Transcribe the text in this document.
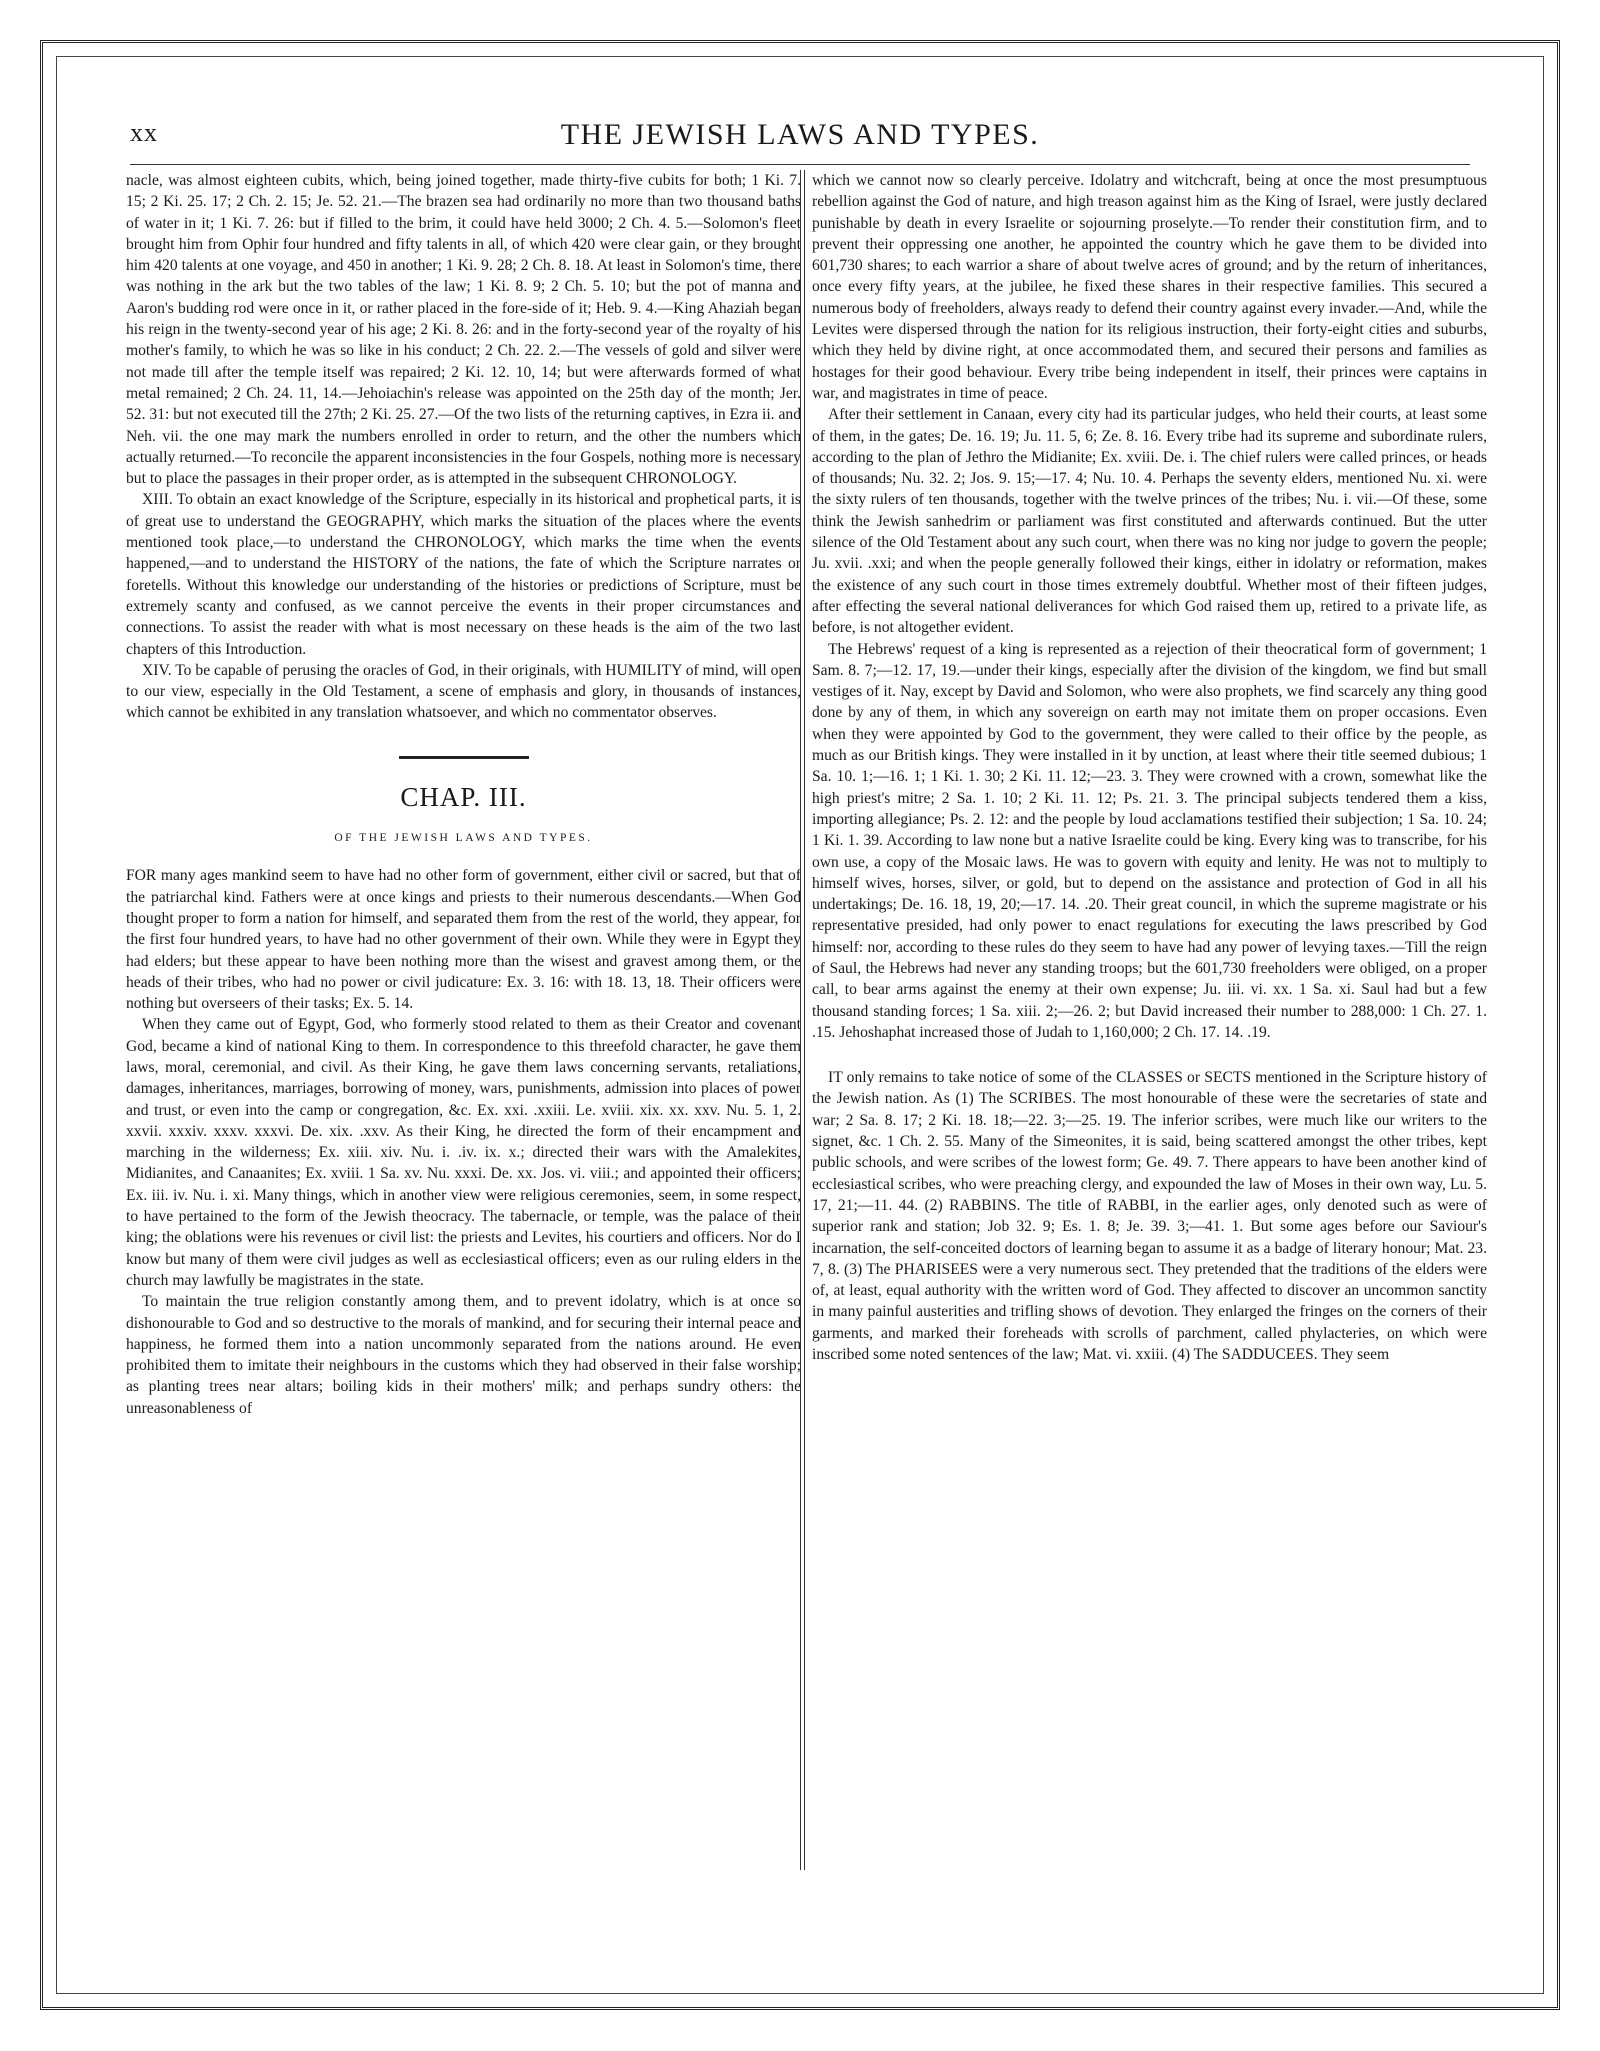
xx	THE JEWISH LAWS AND TYPES.

nacle, was almost eighteen cubits, which, being joined together, made thirty-five cubits for both; 1 Ki. 7. 15; 2 Ki. 25. 17; 2 Ch. 2. 15; Je. 52. 21.—The brazen sea had ordinarily no more than two thousand baths of water in it; 1 Ki. 7. 26: but if filled to the brim, it could have held 3000; 2 Ch. 4. 5.—Solomon's fleet brought him from Ophir four hundred and fifty talents in all, of which 420 were clear gain, or they brought him 420 talents at one voyage, and 450 in another; 1 Ki. 9. 28; 2 Ch. 8. 18. At least in Solomon's time, there was nothing in the ark but the two tables of the law; 1 Ki. 8. 9; 2 Ch. 5. 10; but the pot of manna and Aaron's budding rod were once in it, or rather placed in the fore-side of it; Heb. 9. 4.—King Ahaziah began his reign in the twenty-second year of his age; 2 Ki. 8. 26: and in the forty-second year of the royalty of his mother's family, to which he was so like in his conduct; 2 Ch. 22. 2.—The vessels of gold and silver were not made till after the temple itself was repaired; 2 Ki. 12. 10, 14; but were afterwards formed of what metal remained; 2 Ch. 24. 11, 14.—Jehoiachin's release was appointed on the 25th day of the month; Jer. 52. 31: but not executed till the 27th; 2 Ki. 25. 27.—Of the two lists of the returning captives, in Ezra ii. and Neh. vii. the one may mark the numbers enrolled in order to return, and the other the numbers which actually returned.—To reconcile the apparent inconsistencies in the four Gospels, nothing more is necessary but to place the passages in their proper order, as is attempted in the subsequent CHRONOLOGY.

XIII. To obtain an exact knowledge of the Scripture, especially in its historical and prophetical parts, it is of great use to understand the GEOGRAPHY, which marks the situation of the places where the events mentioned took place,—to understand the CHRONOLOGY, which marks the time when the events happened,—and to understand the HISTORY of the nations, the fate of which the Scripture narrates or foretells. Without this knowledge our understanding of the histories or predictions of Scripture, must be extremely scanty and confused, as we cannot perceive the events in their proper circumstances and connections. To assist the reader with what is most necessary on these heads is the aim of the two last chapters of this Introduction.

XIV. To be capable of perusing the oracles of God, in their originals, with HUMILITY of mind, will open to our view, especially in the Old Testament, a scene of emphasis and glory, in thousands of instances, which cannot be exhibited in any translation whatsoever, and which no commentator observes.

CHAP. III.
OF THE JEWISH LAWS AND TYPES.

FOR many ages mankind seem to have had no other form of government, either civil or sacred, but that of the patriarchal kind. Fathers were at once kings and priests to their numerous descendants.—When God thought proper to form a nation for himself, and separated them from the rest of the world, they appear, for the first four hundred years, to have had no other government of their own. While they were in Egypt they had elders; but these appear to have been nothing more than the wisest and gravest among them, or the heads of their tribes, who had no power or civil judicature: Ex. 3. 16: with 18. 13, 18. Their officers were nothing but overseers of their tasks; Ex. 5. 14.

When they came out of Egypt, God, who formerly stood related to them as their Creator and covenant God, became a kind of national King to them. In correspondence to this threefold character, he gave them laws, moral, ceremonial, and civil. As their King, he gave them laws concerning servants, retaliations, damages, inheritances, marriages, borrowing of money, wars, punishments, admission into places of power and trust, or even into the camp or congregation, &c. Ex. xxi. .xxiii. Le. xviii. xix. xx. xxv. Nu. 5. 1, 2. xxvii. xxxiv. xxxv. xxxvi. De. xix. .xxv. As their King, he directed the form of their encampment and marching in the wilderness; Ex. xiii. xiv. Nu. i. .iv. ix. x.; directed their wars with the Amalekites, Midianites, and Canaanites; Ex. xviii. 1 Sa. xv. Nu. xxxi. De. xx. Jos. vi. viii.; and appointed their officers; Ex. iii. iv. Nu. i. xi. Many things, which in another view were religious ceremonies, seem, in some respect, to have pertained to the form of the Jewish theocracy. The tabernacle, or temple, was the palace of their king; the oblations were his revenues or civil list: the priests and Levites, his courtiers and officers. Nor do I know but many of them were civil judges as well as ecclesiastical officers; even as our ruling elders in the church may lawfully be magistrates in the state.

To maintain the true religion constantly among them, and to prevent idolatry, which is at once so dishonourable to God and so destructive to the morals of mankind, and for securing their internal peace and happiness, he formed them into a nation uncommonly separated from the nations around. He even prohibited them to imitate their neighbours in the customs which they had observed in their false worship; as planting trees near altars; boiling kids in their mothers' milk; and perhaps sundry others: the unreasonableness of

which we cannot now so clearly perceive. Idolatry and witchcraft, being at once the most presumptuous rebellion against the God of nature, and high treason against him as the King of Israel, were justly declared punishable by death in every Israelite or sojourning proselyte.—To render their constitution firm, and to prevent their oppressing one another, he appointed the country which he gave them to be divided into 601,730 shares; to each warrior a share of about twelve acres of ground; and by the return of inheritances, once every fifty years, at the jubilee, he fixed these shares in their respective families. This secured a numerous body of freeholders, always ready to defend their country against every invader.—And, while the Levites were dispersed through the nation for its religious instruction, their forty-eight cities and suburbs, which they held by divine right, at once accommodated them, and secured their persons and families as hostages for their good behaviour. Every tribe being independent in itself, their princes were captains in war, and magistrates in time of peace.

After their settlement in Canaan, every city had its particular judges, who held their courts, at least some of them, in the gates; De. 16. 19; Ju. 11. 5, 6; Ze. 8. 16. Every tribe had its supreme and subordinate rulers, according to the plan of Jethro the Midianite; Ex. xviii. De. i. The chief rulers were called princes, or heads of thousands; Nu. 32. 2; Jos. 9. 15;—17. 4; Nu. 10. 4. Perhaps the seventy elders, mentioned Nu. xi. were the sixty rulers of ten thousands, together with the twelve princes of the tribes; Nu. i. vii.—Of these, some think the Jewish sanhedrim or parliament was first constituted and afterwards continued. But the utter silence of the Old Testament about any such court, when there was no king nor judge to govern the people; Ju. xvii. .xxi; and when the people generally followed their kings, either in idolatry or reformation, makes the existence of any such court in those times extremely doubtful. Whether most of their fifteen judges, after effecting the several national deliverances for which God raised them up, retired to a private life, as before, is not altogether evident.

The Hebrews' request of a king is represented as a rejection of their theocratical form of government; 1 Sam. 8. 7;—12. 17, 19.—under their kings, especially after the division of the kingdom, we find but small vestiges of it. Nay, except by David and Solomon, who were also prophets, we find scarcely any thing good done by any of them, in which any sovereign on earth may not imitate them on proper occasions. Even when they were appointed by God to the government, they were called to their office by the people, as much as our British kings. They were installed in it by unction, at least where their title seemed dubious; 1 Sa. 10. 1;—16. 1; 1 Ki. 1. 30; 2 Ki. 11. 12;—23. 3. They were crowned with a crown, somewhat like the high priest's mitre; 2 Sa. 1. 10; 2 Ki. 11. 12; Ps. 21. 3. The principal subjects tendered them a kiss, importing allegiance; Ps. 2. 12: and the people by loud acclamations testified their subjection; 1 Sa. 10. 24; 1 Ki. 1. 39. According to law none but a native Israelite could be king. Every king was to transcribe, for his own use, a copy of the Mosaic laws. He was to govern with equity and lenity. He was not to multiply to himself wives, horses, silver, or gold, but to depend on the assistance and protection of God in all his undertakings; De. 16. 18, 19, 20;—17. 14. .20. Their great council, in which the supreme magistrate or his representative presided, had only power to enact regulations for executing the laws prescribed by God himself: nor, according to these rules do they seem to have had any power of levying taxes.—Till the reign of Saul, the Hebrews had never any standing troops; but the 601,730 freeholders were obliged, on a proper call, to bear arms against the enemy at their own expense; Ju. iii. vi. xx. 1 Sa. xi. Saul had but a few thousand standing forces; 1 Sa. xiii. 2;—26. 2; but David increased their number to 288,000: 1 Ch. 27. 1. .15. Jehoshaphat increased those of Judah to 1,160,000; 2 Ch. 17. 14. .19.

IT only remains to take notice of some of the CLASSES or SECTS mentioned in the Scripture history of the Jewish nation. As (1) The SCRIBES. The most honourable of these were the secretaries of state and war; 2 Sa. 8. 17; 2 Ki. 18. 18;—22. 3;—25. 19. The inferior scribes, were much like our writers to the signet, &c. 1 Ch. 2. 55. Many of the Simeonites, it is said, being scattered amongst the other tribes, kept public schools, and were scribes of the lowest form; Ge. 49. 7. There appears to have been another kind of ecclesiastical scribes, who were preaching clergy, and expounded the law of Moses in their own way, Lu. 5. 17, 21;—11. 44. (2) RABBINS. The title of RABBI, in the earlier ages, only denoted such as were of superior rank and station; Job 32. 9; Es. 1. 8; Je. 39. 3;—41. 1. But some ages before our Saviour's incarnation, the self-conceited doctors of learning began to assume it as a badge of literary honour; Mat. 23. 7, 8. (3) The PHARISEES were a very numerous sect. They pretended that the traditions of the elders were of, at least, equal authority with the written word of God. They affected to discover an uncommon sanctity in many painful austerities and trifling shows of devotion. They enlarged the fringes on the corners of their garments, and marked their foreheads with scrolls of parchment, called phylacteries, on which were inscribed some noted sentences of the law; Mat. vi. xxiii. (4) The SADDUCEES. They seem
